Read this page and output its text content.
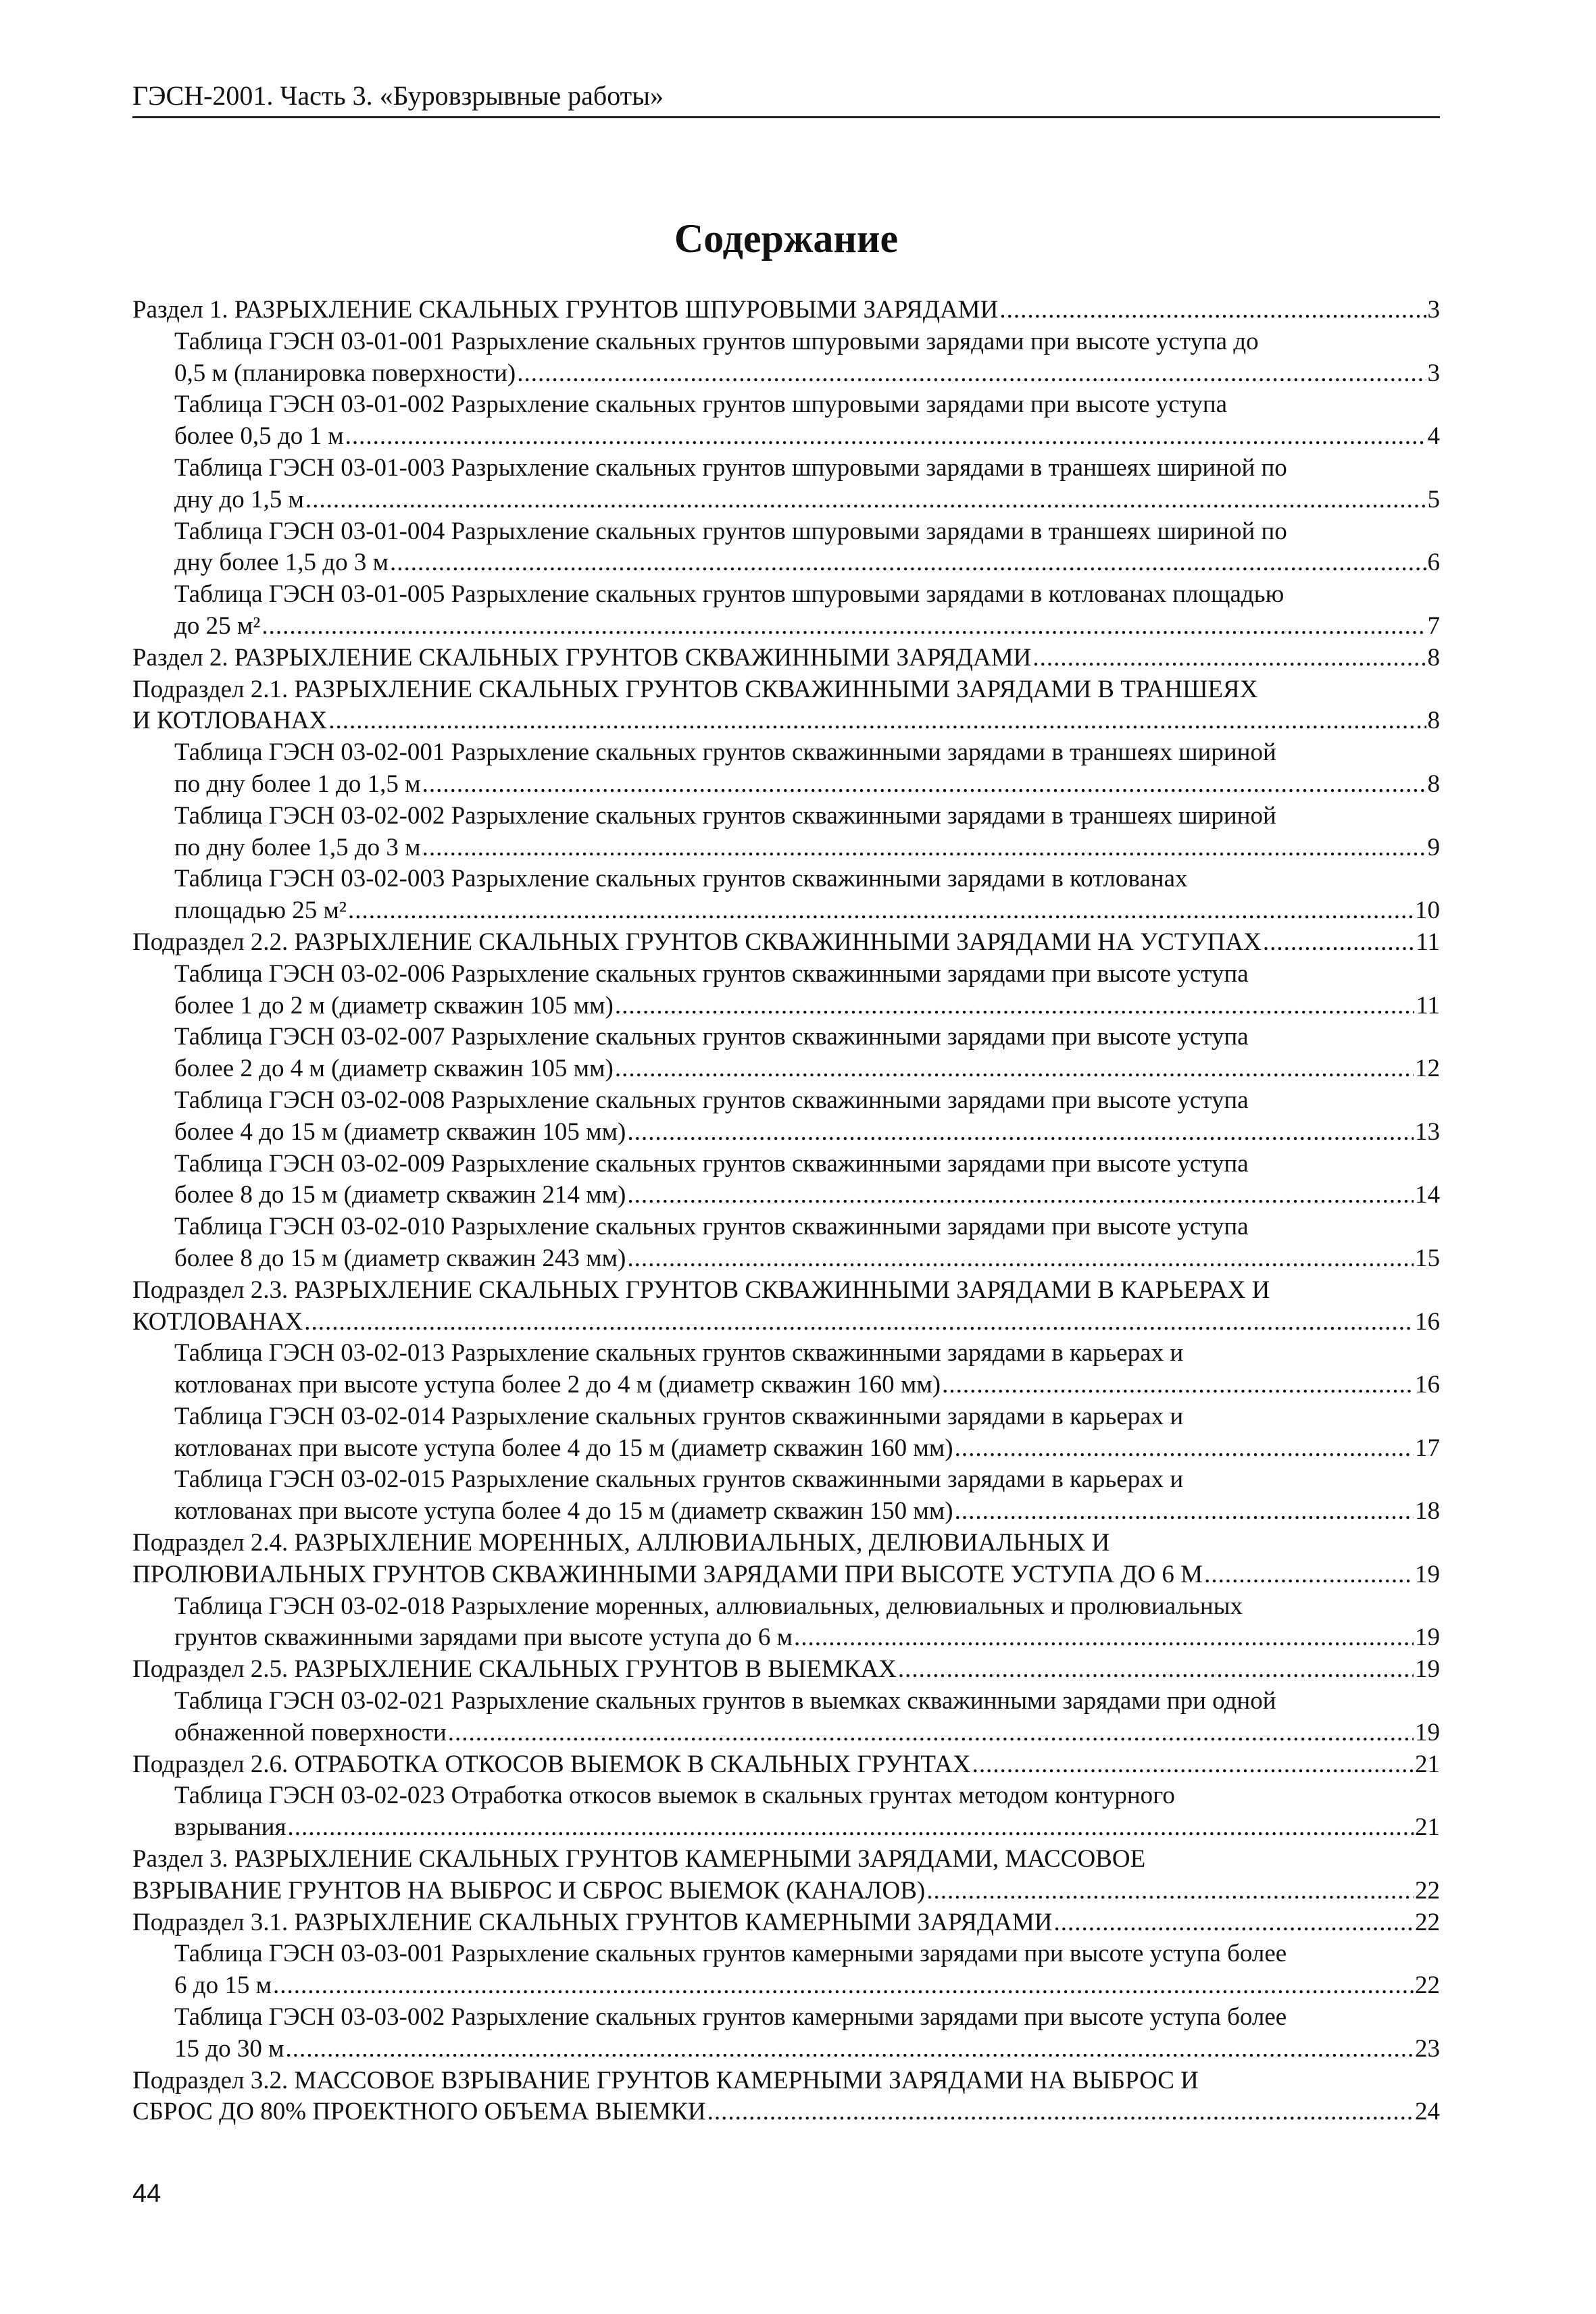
ГЭСН-2001. Часть 3. «Буровзрывные работы»
Содержание
Раздел 1. РАЗРЫХЛЕНИЕ СКАЛЬНЫХ ГРУНТОВ ШПУРОВЫМИ ЗАРЯДАМИ .....	3
Таблица ГЭСН 03-01-001 Разрыхление скальных грунтов шпуровыми зарядами при высоте уступа до
0,5 м (планировка поверхности) .....	3
Таблица ГЭСН 03-01-002 Разрыхление скальных грунтов шпуровыми зарядами при высоте уступа
более 0,5 до 1 м .....	4
Таблица ГЭСН 03-01-003 Разрыхление скальных грунтов шпуровыми зарядами в траншеях шириной по
дну до 1,5 м .....	5
Таблица ГЭСН 03-01-004 Разрыхление скальных грунтов шпуровыми зарядами в траншеях шириной по
дну более 1,5 до 3 м .....	6
Таблица ГЭСН 03-01-005 Разрыхление скальных грунтов шпуровыми зарядами в котлованах площадью
до 25 м² .....	7
Раздел 2. РАЗРЫХЛЕНИЕ СКАЛЬНЫХ ГРУНТОВ СКВАЖИННЫМИ ЗАРЯДАМИ .....	8
Подраздел 2.1. РАЗРЫХЛЕНИЕ СКАЛЬНЫХ ГРУНТОВ СКВАЖИННЫМИ ЗАРЯДАМИ В ТРАНШЕЯХ
И КОТЛОВАНАХ .....	8
Таблица ГЭСН 03-02-001 Разрыхление скальных грунтов скважинными зарядами в траншеях шириной
по дну более 1 до 1,5 м .....	8
Таблица ГЭСН 03-02-002 Разрыхление скальных грунтов скважинными зарядами в траншеях шириной
по дну более 1,5 до 3 м .....	9
Таблица ГЭСН 03-02-003 Разрыхление скальных грунтов скважинными зарядами в котлованах
площадью 25 м² .....	10
Подраздел 2.2. РАЗРЫХЛЕНИЕ СКАЛЬНЫХ ГРУНТОВ СКВАЖИННЫМИ ЗАРЯДАМИ НА УСТУПАХ .....	11
Таблица ГЭСН 03-02-006 Разрыхление скальных грунтов скважинными зарядами при высоте уступа
более 1 до 2 м (диаметр скважин 105 мм) .....	11
Таблица ГЭСН 03-02-007 Разрыхление скальных грунтов скважинными зарядами при высоте уступа
более 2 до 4 м (диаметр скважин 105 мм) .....	12
Таблица ГЭСН 03-02-008 Разрыхление скальных грунтов скважинными зарядами при высоте уступа
более 4 до 15 м (диаметр скважин 105 мм) .....	13
Таблица ГЭСН 03-02-009 Разрыхление скальных грунтов скважинными зарядами при высоте уступа
более 8 до 15 м (диаметр скважин 214 мм) .....	14
Таблица ГЭСН 03-02-010 Разрыхление скальных грунтов скважинными зарядами при высоте уступа
более 8 до 15 м (диаметр скважин 243 мм) .....	15
Подраздел 2.3. РАЗРЫХЛЕНИЕ СКАЛЬНЫХ ГРУНТОВ СКВАЖИННЫМИ ЗАРЯДАМИ В КАРЬЕРАХ И
КОТЛОВАНАХ .....	16
Таблица ГЭСН 03-02-013 Разрыхление скальных грунтов скважинными зарядами в карьерах и
котлованах при высоте уступа более 2 до 4 м (диаметр скважин 160 мм) .....	16
Таблица ГЭСН 03-02-014 Разрыхление скальных грунтов скважинными зарядами в карьерах и
котлованах при высоте уступа более 4 до 15 м (диаметр скважин 160 мм) .....	17
Таблица ГЭСН 03-02-015 Разрыхление скальных грунтов скважинными зарядами в карьерах и
котлованах при высоте уступа более 4 до 15 м (диаметр скважин 150 мм) .....	18
Подраздел 2.4. РАЗРЫХЛЕНИЕ МОРЕННЫХ, АЛЛЮВИАЛЬНЫХ, ДЕЛЮВИАЛЬНЫХ И
ПРОЛЮВИАЛЬНЫХ ГРУНТОВ СКВАЖИННЫМИ ЗАРЯДАМИ ПРИ ВЫСОТЕ УСТУПА ДО 6 М .....	19
Таблица ГЭСН 03-02-018 Разрыхление моренных, аллювиальных, делювиальных и пролювиальных
грунтов скважинными зарядами при высоте уступа до 6 м .....	19
Подраздел 2.5. РАЗРЫХЛЕНИЕ СКАЛЬНЫХ ГРУНТОВ В ВЫЕМКАХ .....	19
Таблица ГЭСН 03-02-021 Разрыхление скальных грунтов в выемках скважинными зарядами при одной
обнаженной поверхности .....	19
Подраздел 2.6. ОТРАБОТКА ОТКОСОВ ВЫЕМОК В СКАЛЬНЫХ ГРУНТАХ .....	21
Таблица ГЭСН 03-02-023 Отработка откосов выемок в скальных грунтах методом контурного
взрывания .....	21
Раздел 3. РАЗРЫХЛЕНИЕ СКАЛЬНЫХ ГРУНТОВ КАМЕРНЫМИ ЗАРЯДАМИ, МАССОВОЕ
ВЗРЫВАНИЕ ГРУНТОВ НА ВЫБРОС И СБРОС ВЫЕМОК (КАНАЛОВ) .....	22
Подраздел 3.1. РАЗРЫХЛЕНИЕ СКАЛЬНЫХ ГРУНТОВ КАМЕРНЫМИ ЗАРЯДАМИ .....	22
Таблица ГЭСН 03-03-001 Разрыхление скальных грунтов камерными зарядами при высоте уступа более
6 до 15 м .....	22
Таблица ГЭСН 03-03-002 Разрыхление скальных грунтов камерными зарядами при высоте уступа более
15 до 30 м .....	23
Подраздел 3.2. МАССОВОЕ ВЗРЫВАНИЕ ГРУНТОВ КАМЕРНЫМИ ЗАРЯДАМИ НА ВЫБРОС И
СБРОС ДО 80% ПРОЕКТНОГО ОБЪЕМА ВЫЕМКИ .....	24
44
